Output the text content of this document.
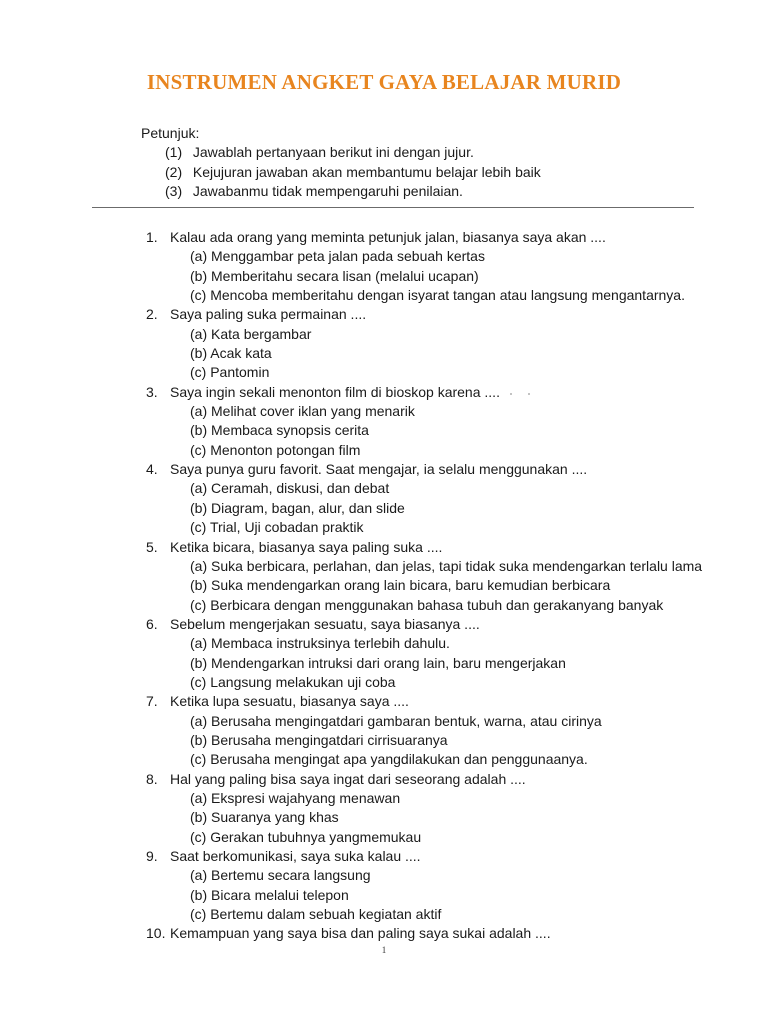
INSTRUMEN ANGKET GAYA BELAJAR MURID
Petunjuk:
(1) Jawablah pertanyaan berikut ini dengan jujur.
(2) Kejujuran jawaban akan membantumu belajar lebih baik
(3) Jawabanmu tidak mempengaruhi penilaian.
1. Kalau ada orang yang meminta petunjuk jalan, biasanya saya akan ....
(a) Menggambar peta jalan pada sebuah kertas
(b) Memberitahu secara lisan (melalui ucapan)
(c) Mencoba memberitahu dengan isyarat tangan atau langsung mengantarnya.
2. Saya paling suka permainan ....
(a) Kata bergambar
(b) Acak kata
(c) Pantomin
3. Saya ingin sekali menonton film di bioskop karena ....
(a) Melihat cover iklan yang menarik
(b) Membaca synopsis cerita
(c) Menonton potongan film
4. Saya punya guru favorit. Saat mengajar, ia selalu menggunakan ....
(a) Ceramah, diskusi, dan debat
(b) Diagram, bagan, alur, dan slide
(c) Trial, Uji cobadan praktik
5. Ketika bicara, biasanya saya paling suka ....
(a) Suka berbicara, perlahan, dan jelas, tapi tidak suka mendengarkan terlalu lama
(b) Suka mendengarkan orang lain bicara, baru kemudian berbicara
(c) Berbicara dengan menggunakan bahasa tubuh dan gerakanyang banyak
6. Sebelum mengerjakan sesuatu, saya biasanya ....
(a) Membaca instruksinya terlebih dahulu.
(b) Mendengarkan intruksi dari orang lain, baru mengerjakan
(c) Langsung melakukan uji coba
7. Ketika lupa sesuatu, biasanya saya ....
(a) Berusaha mengingatdari gambaran bentuk, warna, atau cirinya
(b) Berusaha mengingatdari cirrisuaranya
(c) Berusaha mengingat apa yangdilakukan dan penggunaanya.
8. Hal yang paling bisa saya ingat dari seseorang adalah ....
(a) Ekspresi wajahyang menawan
(b) Suaranya yang khas
(c) Gerakan tubuhnya yangmemukau
9. Saat berkomunikasi, saya suka kalau ....
(a) Bertemu secara langsung
(b) Bicara melalui telepon
(c) Bertemu dalam sebuah kegiatan aktif
10. Kemampuan yang saya bisa dan paling saya sukai adalah ....
1
